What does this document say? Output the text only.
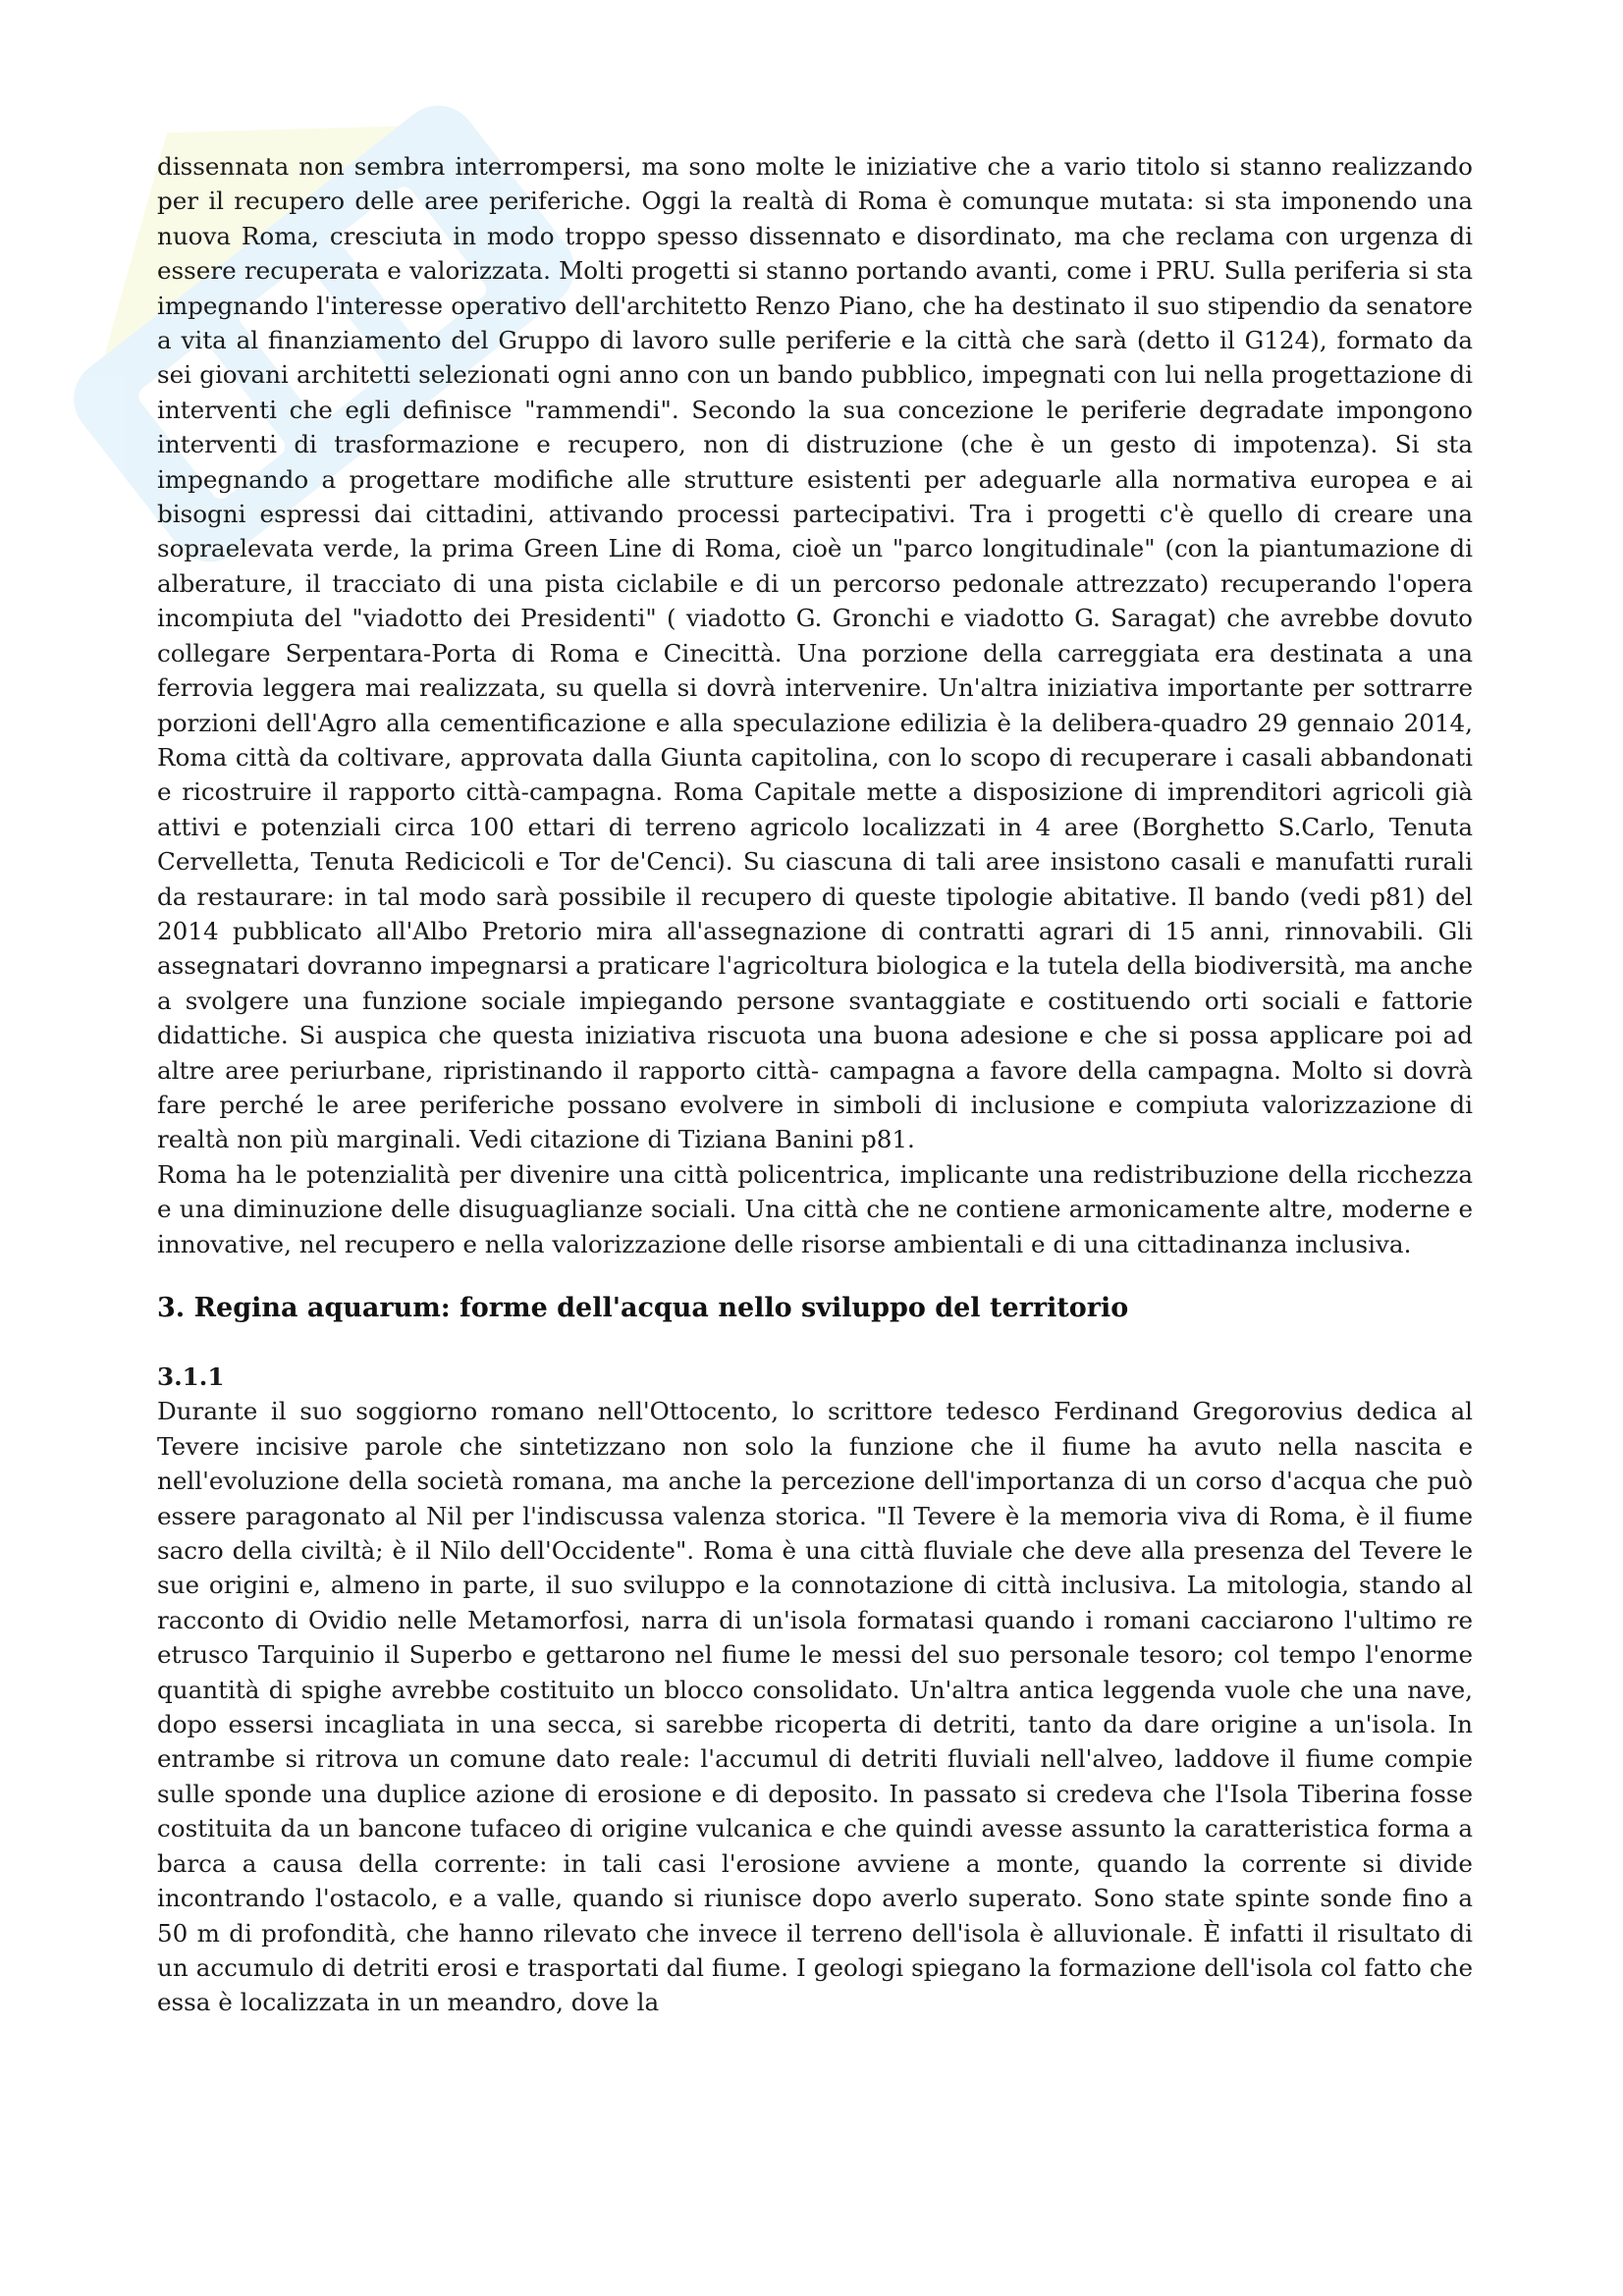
dissennata non sembra interrompersi, ma sono molte le iniziative che a vario titolo si stanno realizzando per il recupero delle aree periferiche. Oggi la realtà di Roma è comunque mutata: si sta imponendo una nuova Roma, cresciuta in modo troppo spesso dissennato e disordinato, ma che reclama con urgenza di essere recuperata e valorizzata. Molti progetti si stanno portando avanti, come i PRU. Sulla periferia si sta impegnando l'interesse operativo dell'architetto Renzo Piano, che ha destinato il suo stipendio da senatore a vita al finanziamento del Gruppo di lavoro sulle periferie e la città che sarà (detto il G124), formato da sei giovani architetti selezionati ogni anno con un bando pubblico, impegnati con lui nella progettazione di interventi che egli definisce "rammendi". Secondo la sua concezione le periferie degradate impongono interventi di trasformazione e recupero, non di distruzione (che è un gesto di impotenza). Si sta impegnando a progettare modifiche alle strutture esistenti per adeguarle alla normativa europea e ai bisogni espressi dai cittadini, attivando processi partecipativi. Tra i progetti c'è quello di creare una sopraelevata verde, la prima Green Line di Roma, cioè un "parco longitudinale" (con la piantumazione di alberature, il tracciato di una pista ciclabile e di un percorso pedonale attrezzato) recuperando l'opera incompiuta del "viadotto dei Presidenti" ( viadotto G. Gronchi e viadotto G. Saragat) che avrebbe dovuto collegare Serpentara-Porta di Roma e Cinecittà. Una porzione della carreggiata era destinata a una ferrovia leggera mai realizzata, su quella si dovrà intervenire. Un'altra iniziativa importante per sottrarre porzioni dell'Agro alla cementificazione e alla speculazione edilizia è la delibera-quadro 29 gennaio 2014, Roma città da coltivare, approvata dalla Giunta capitolina, con lo scopo di recuperare i casali abbandonati e ricostruire il rapporto città-campagna. Roma Capitale mette a disposizione di imprenditori agricoli già attivi e potenziali circa 100 ettari di terreno agricolo localizzati in 4 aree (Borghetto S.Carlo, Tenuta Cervelletta, Tenuta Redicicoli e Tor de'Cenci). Su ciascuna di tali aree insistono casali e manufatti rurali da restaurare: in tal modo sarà possibile il recupero di queste tipologie abitative. Il bando (vedi p81) del 2014 pubblicato all'Albo Pretorio mira all'assegnazione di contratti agrari di 15 anni, rinnovabili. Gli assegnatari dovranno impegnarsi a praticare l'agricoltura biologica e la tutela della biodiversità, ma anche a svolgere una funzione sociale impiegando persone svantaggiate e costituendo orti sociali e fattorie didattiche. Si auspica che questa iniziativa riscuota una buona adesione e che si possa applicare poi ad altre aree periurbane, ripristinando il rapporto città- campagna a favore della campagna. Molto si dovrà fare perché le aree periferiche possano evolvere in simboli di inclusione e compiuta valorizzazione di realtà non più marginali. Vedi citazione di Tiziana Banini p81.

Roma ha le potenzialità per divenire una città policentrica, implicante una redistribuzione della ricchezza e una diminuzione delle disuguaglianze sociali. Una città che ne contiene armonicamente altre, moderne e innovative, nel recupero e nella valorizzazione delle risorse ambientali e di una cittadinanza inclusiva.

3. Regina aquarum: forme dell'acqua nello sviluppo del territorio

3.1.1

Durante il suo soggiorno romano nell'Ottocento, lo scrittore tedesco Ferdinand Gregorovius dedica al Tevere incisive parole che sintetizzano non solo la funzione che il fiume ha avuto nella nascita e nell'evoluzione della società romana, ma anche la percezione dell'importanza di un corso d'acqua che può essere paragonato al Nil per l'indiscussa valenza storica. "Il Tevere è la memoria viva di Roma, è il fiume sacro della civiltà; è il Nilo dell'Occidente". Roma è una città fluviale che deve alla presenza del Tevere le sue origini e, almeno in parte, il suo sviluppo e la connotazione di città inclusiva. La mitologia, stando al racconto di Ovidio nelle Metamorfosi, narra di un'isola formatasi quando i romani cacciarono l'ultimo re etrusco Tarquinio il Superbo e gettarono nel fiume le messi del suo personale tesoro; col tempo l'enorme quantità di spighe avrebbe costituito un blocco consolidato. Un'altra antica leggenda vuole che una nave, dopo essersi incagliata in una secca, si sarebbe ricoperta di detriti, tanto da dare origine a un'isola. In entrambe si ritrova un comune dato reale: l'accumul di detriti fluviali nell'alveo, laddove il fiume compie sulle sponde una duplice azione di erosione e di deposito. In passato si credeva che l'Isola Tiberina fosse costituita da un bancone tufaceo di origine vulcanica e che quindi avesse assunto la caratteristica forma a barca a causa della corrente: in tali casi l'erosione avviene a monte, quando la corrente si divide incontrando l'ostacolo, e a valle, quando si riunisce dopo averlo superato. Sono state spinte sonde fino a 50 m di profondità, che hanno rilevato che invece il terreno dell'isola è alluvionale. È infatti il risultato di un accumulo di detriti erosi e trasportati dal fiume. I geologi spiegano la formazione dell'isola col fatto che essa è localizzata in un meandro, dove la
